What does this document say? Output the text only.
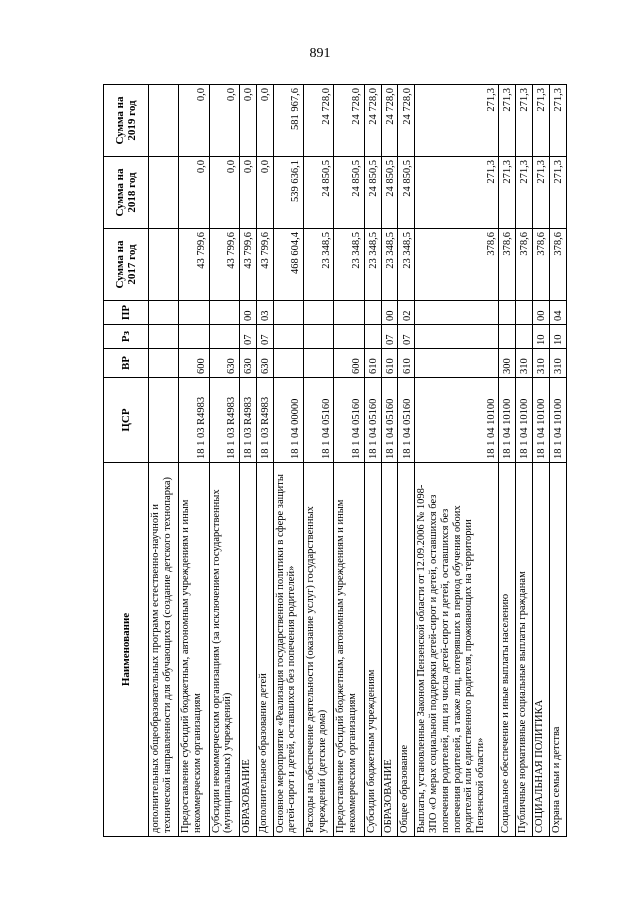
891
Наименование	ЦСР	ВР	Рз	ПР	Сумма на 2017 год	Сумма на 2018 год	Сумма на 2019 год
дополнительных общеобразовательных программ естественно-научной и технической направленности для обучающихся (создание детского технопарка)							
Предоставление субсидий бюджетным, автономным учреждениям и иным некоммерческим организациям	18 1 03 R4983	600			43 799,6	0,0	0,0
Субсидии некоммерческим организациям (за исключением государственных (муниципальных) учреждений)	18 1 03 R4983	630			43 799,6	0,0	0,0
ОБРАЗОВАНИЕ	18 1 03 R4983	630	07	00	43 799,6	0,0	0,0
Дополнительное образование детей	18 1 03 R4983	630	07	03	43 799,6	0,0	0,0
Основное мероприятие «Реализация государственной политики в сфере защиты детей-сирот и детей, оставшихся без попечения родителей»	18 1 04 00000				468 604,4	539 636,1	581 967,6
Расходы на обеспечение деятельности (оказание услуг) государственных учреждений (детские дома)	18 1 04 05160				23 348,5	24 850,5	24 728,0
Предоставление субсидий бюджетным, автономным учреждениям и иным некоммерческим организациям	18 1 04 05160	600			23 348,5	24 850,5	24 728,0
Субсидии бюджетным учреждениям	18 1 04 05160	610			23 348,5	24 850,5	24 728,0
ОБРАЗОВАНИЕ	18 1 04 05160	610	07	00	23 348,5	24 850,5	24 728,0
Общее образование	18 1 04 05160	610	07	02	23 348,5	24 850,5	24 728,0
Выплаты, установленные Законом Пензенской области от 12.09.2006 № 1098-ЗПО «О мерах социальной поддержки детей-сирот и детей, оставшихся без попечения родителей, лиц из числа детей-сирот и детей, оставшихся без попечения родителей, а также лиц, потерявших в период обучения обоих родителей или единственного родителя, проживающих на территории Пензенской области»	18 1 04 10100				378,6	271,3	271,3
Социальное обеспечение и иные выплаты населению	18 1 04 10100	300			378,6	271,3	271,3
Публичные нормативные социальные выплаты гражданам	18 1 04 10100	310			378,6	271,3	271,3
СОЦИАЛЬНАЯ ПОЛИТИКА	18 1 04 10100	310	10	00	378,6	271,3	271,3
Охрана семьи и детства	18 1 04 10100	310	10	04	378,6	271,3	271,3
